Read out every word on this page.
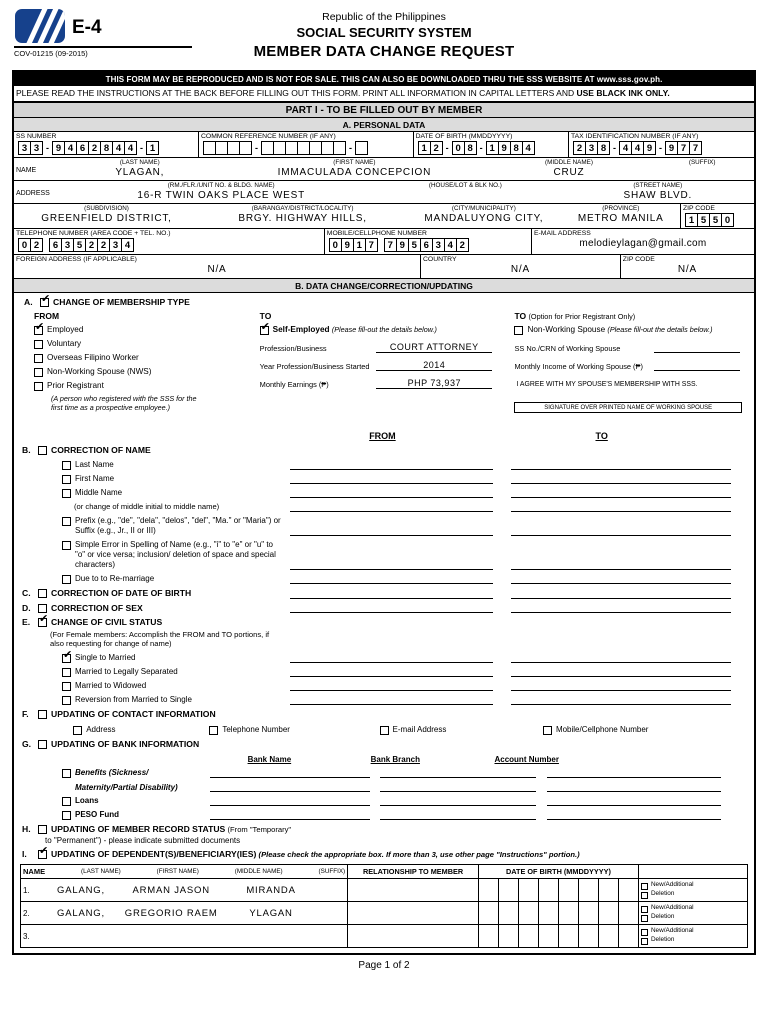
E-4
COV-01215 (09-2015)
Republic of the Philippines
SOCIAL SECURITY SYSTEM
MEMBER DATA CHANGE REQUEST
THIS FORM MAY BE REPRODUCED AND IS NOT FOR SALE. THIS CAN ALSO BE DOWNLOADED THRU THE SSS WEBSITE AT www.sss.gov.ph.
PLEASE READ THE INSTRUCTIONS AT THE BACK BEFORE FILLING OUT THIS FORM. PRINT ALL INFORMATION IN CAPITAL LETTERS AND USE BLACK INK ONLY.
PART I - TO BE FILLED OUT BY MEMBER
A. PERSONAL DATA
SS NUMBER
3 3 - 9 4 6 2 8 4 4 - 1
COMMON REFERENCE NUMBER (IF ANY)
-	-
DATE OF BIRTH (MMDDYYYY)
1 2 - 0 8 - 1 9 8 4
TAX IDENTIFICATION NUMBER (IF ANY)
2 3 8 - 4 4 9 - 9 7 7
NAME
(LAST NAME)
YLAGAN,
(FIRST NAME)
IMMACULADA CONCEPCION
(MIDDLE NAME)
CRUZ
(SUFFIX)
ADDRESS
(RM./FLR./UNIT NO. & BLDG. NAME)
16-R TWIN OAKS PLACE WEST
(HOUSE/LOT & BLK NO.)	(STREET NAME)
SHAW BLVD.
(SUBDIVISION)
GREENFIELD DISTRICT,
(BARANGAY/DISTRICT/LOCALITY)
BRGY. HIGHWAY HILLS,
(CITY/MUNICIPALITY)
MANDALUYONG CITY,
(PROVINCE)
METRO MANILA
ZIP CODE
1 5 5 0
TELEPHONE NUMBER (AREA CODE + TEL. NO.)
0 2	6 3 5 2 2 3 4
MOBILE/CELLPHONE NUMBER
0 9 1 7	7 9 5 6 3 4 2
E-MAIL ADDRESS
melodieylagan@gmail.com
FOREIGN ADDRESS (IF APPLICABLE)
N/A
COUNTRY
N/A
ZIP CODE
N/A
B. DATA CHANGE/CORRECTION/UPDATING
A. ✔ CHANGE OF MEMBERSHIP TYPE
FROM
✔ Employed
Voluntary
Overseas Filipino Worker
Non-Working Spouse (NWS)
Prior Registrant
(A person who registered with the SSS for the first time as a prospective employee.)
TO
✔ Self-Employed (Please fill-out the details below.)
Profession/Business	COURT ATTORNEY
Year Profession/Business Started	2014
Monthly Earnings (₱)	PHP 73,937
TO (Option for Prior Registrant Only)
Non-Working Spouse (Please fill-out the details below.)
SS No./CRN of Working Spouse
Monthly Income of Working Spouse (₱)
I AGREE WITH MY SPOUSE'S MEMBERSHIP WITH SSS.
SIGNATURE OVER PRINTED NAME OF WORKING SPOUSE
FROM	TO
B.	CORRECTION OF NAME
Last Name
First Name
Middle Name
(or change of middle initial to middle name)
Prefix (e.g., "de", "dela", "delos", "del", "Ma." or "Maria") or Suffix (e.g., Jr., II or III)
Simple Error in Spelling of Name (e.g., "i" to "e" or "u" to "o" or vice versa; inclusion/ deletion of space and special characters)
Due to to Re-marriage
C.	CORRECTION OF DATE OF BIRTH
D.	CORRECTION OF SEX
E. ✔ CHANGE OF CIVIL STATUS
(For Female members: Accomplish the FROM and TO portions, if also requesting for change of name)
✔ Single to Married
Married to Legally Separated
Married to Widowed
Reversion from Married to Single
F.	UPDATING OF CONTACT INFORMATION
Address	Telephone Number	E-mail Address	Mobile/Cellphone Number
G.	UPDATING OF BANK INFORMATION
Bank Name	Bank Branch	Account Number
Benefits (Sickness/
Maternity/Partial Disability)
Loans
PESO Fund
H.	UPDATING OF MEMBER RECORD STATUS (From "Temporary"
to "Permanent") - please indicate submitted documents
I.	✔ UPDATING OF DEPENDENT(S)/BENEFICIARY(IES) (Please check the appropriate box. If more than 3, use other page "Instructions" portion.)
NAME (LAST NAME) (FIRST NAME) (MIDDLE NAME) (SUFFIX)	RELATIONSHIP TO MEMBER	DATE OF BIRTH (MMDDYYYY)	

1.	GALANG,	ARMAN JASON	MIRANDA			New/Additional
Deletion

2.	GALANG,	GREGORIO RAEM	YLAGAN			New/Additional
Deletion

3.			New/Additional
Deletion
Page 1 of 2
